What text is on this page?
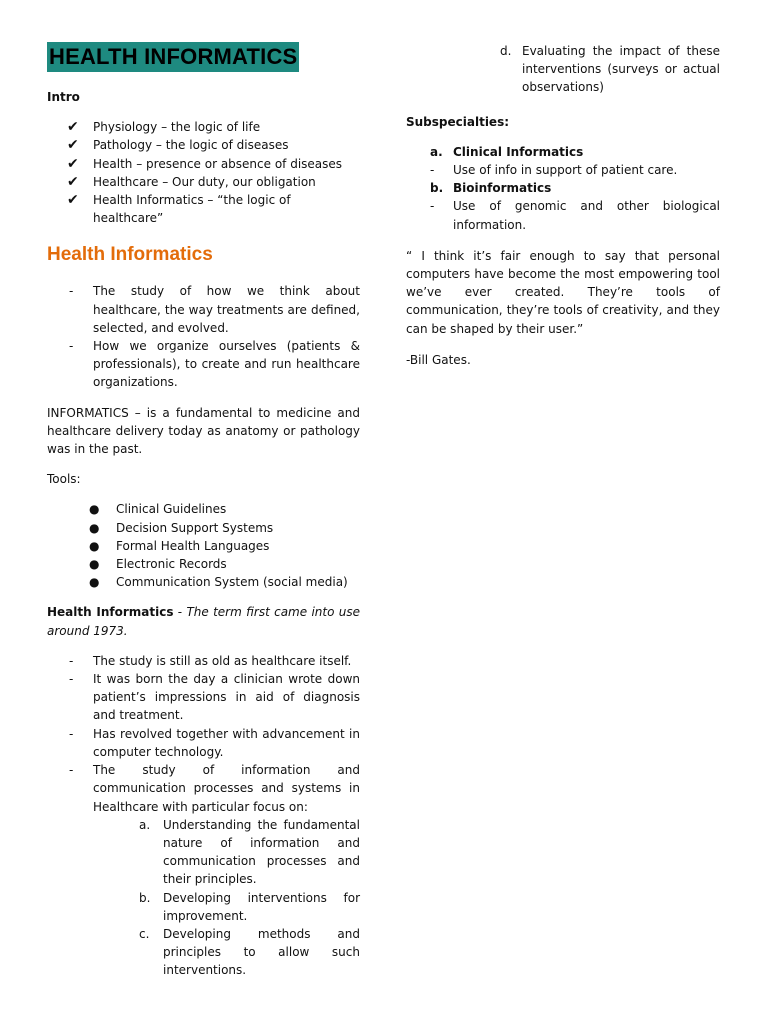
HEALTH INFORMATICS

Intro

✔ Physiology – the logic of life
✔ Pathology – the logic of diseases
✔ Health – presence or absence of diseases
✔ Healthcare – Our duty, our obligation
✔ Health Informatics – “the logic of healthcare”

Health Informatics

- The study of how we think about healthcare, the way treatments are defined, selected, and evolved.
- How we organize ourselves (patients & professionals), to create and run healthcare organizations.

INFORMATICS – is a fundamental to medicine and healthcare delivery today as anatomy or pathology was in the past.

Tools:

● Clinical Guidelines
● Decision Support Systems
● Formal Health Languages
● Electronic Records
● Communication System (social media)

Health Informatics - The term first came into use around 1973.

- The study is still as old as healthcare itself.
- It was born the day a clinician wrote down patient’s impressions in aid of diagnosis and treatment.
- Has revolved together with advancement in computer technology.
- The study of information and communication processes and systems in Healthcare with particular focus on:
a. Understanding the fundamental nature of information and communication processes and their principles.
b. Developing interventions for improvement.
c. Developing methods and principles to allow such interventions.
d. Evaluating the impact of these interventions (surveys or actual observations)

Subspecialties:

a. Clinical Informatics
- Use of info in support of patient care.
b. Bioinformatics
- Use of genomic and other biological information.

“ I think it’s fair enough to say that personal computers have become the most empowering tool we’ve ever created. They’re tools of communication, they’re tools of creativity, and they can be shaped by their user.”

-Bill Gates.
